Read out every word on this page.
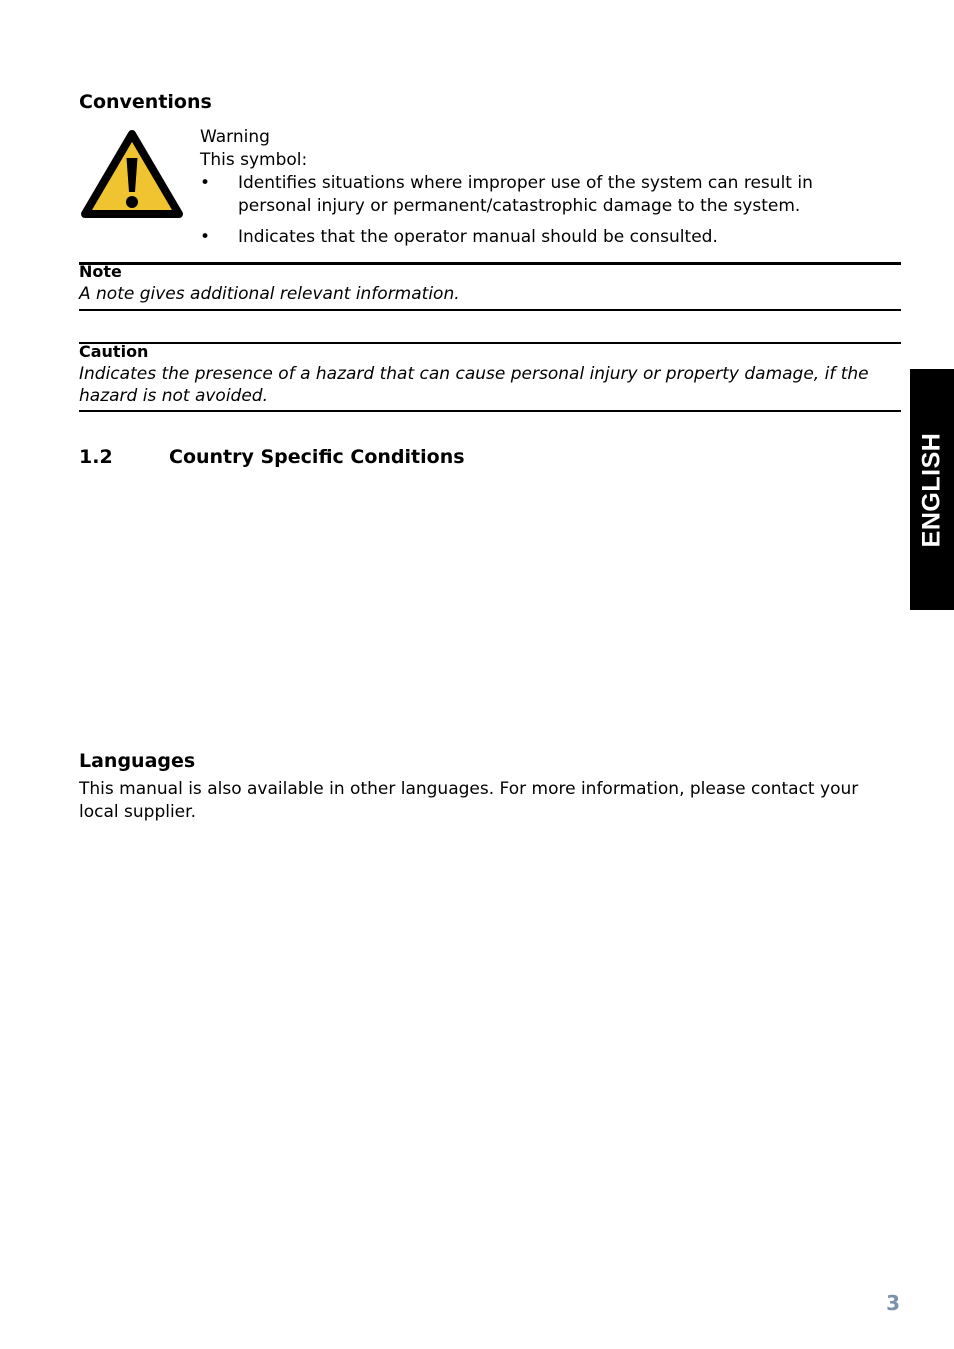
Conventions
Warning
This symbol:
• Identifies situations where improper use of the system can result in personal injury or permanent/catastrophic damage to the system.
• Indicates that the operator manual should be consulted.
Note
A note gives additional relevant information.
Caution
Indicates the presence of a hazard that can cause personal injury or property damage, if the hazard is not avoided.
1.2	Country Specific Conditions
Languages

This manual is also available in other languages. For more information, please contact your local supplier.

ENGLISH
3
